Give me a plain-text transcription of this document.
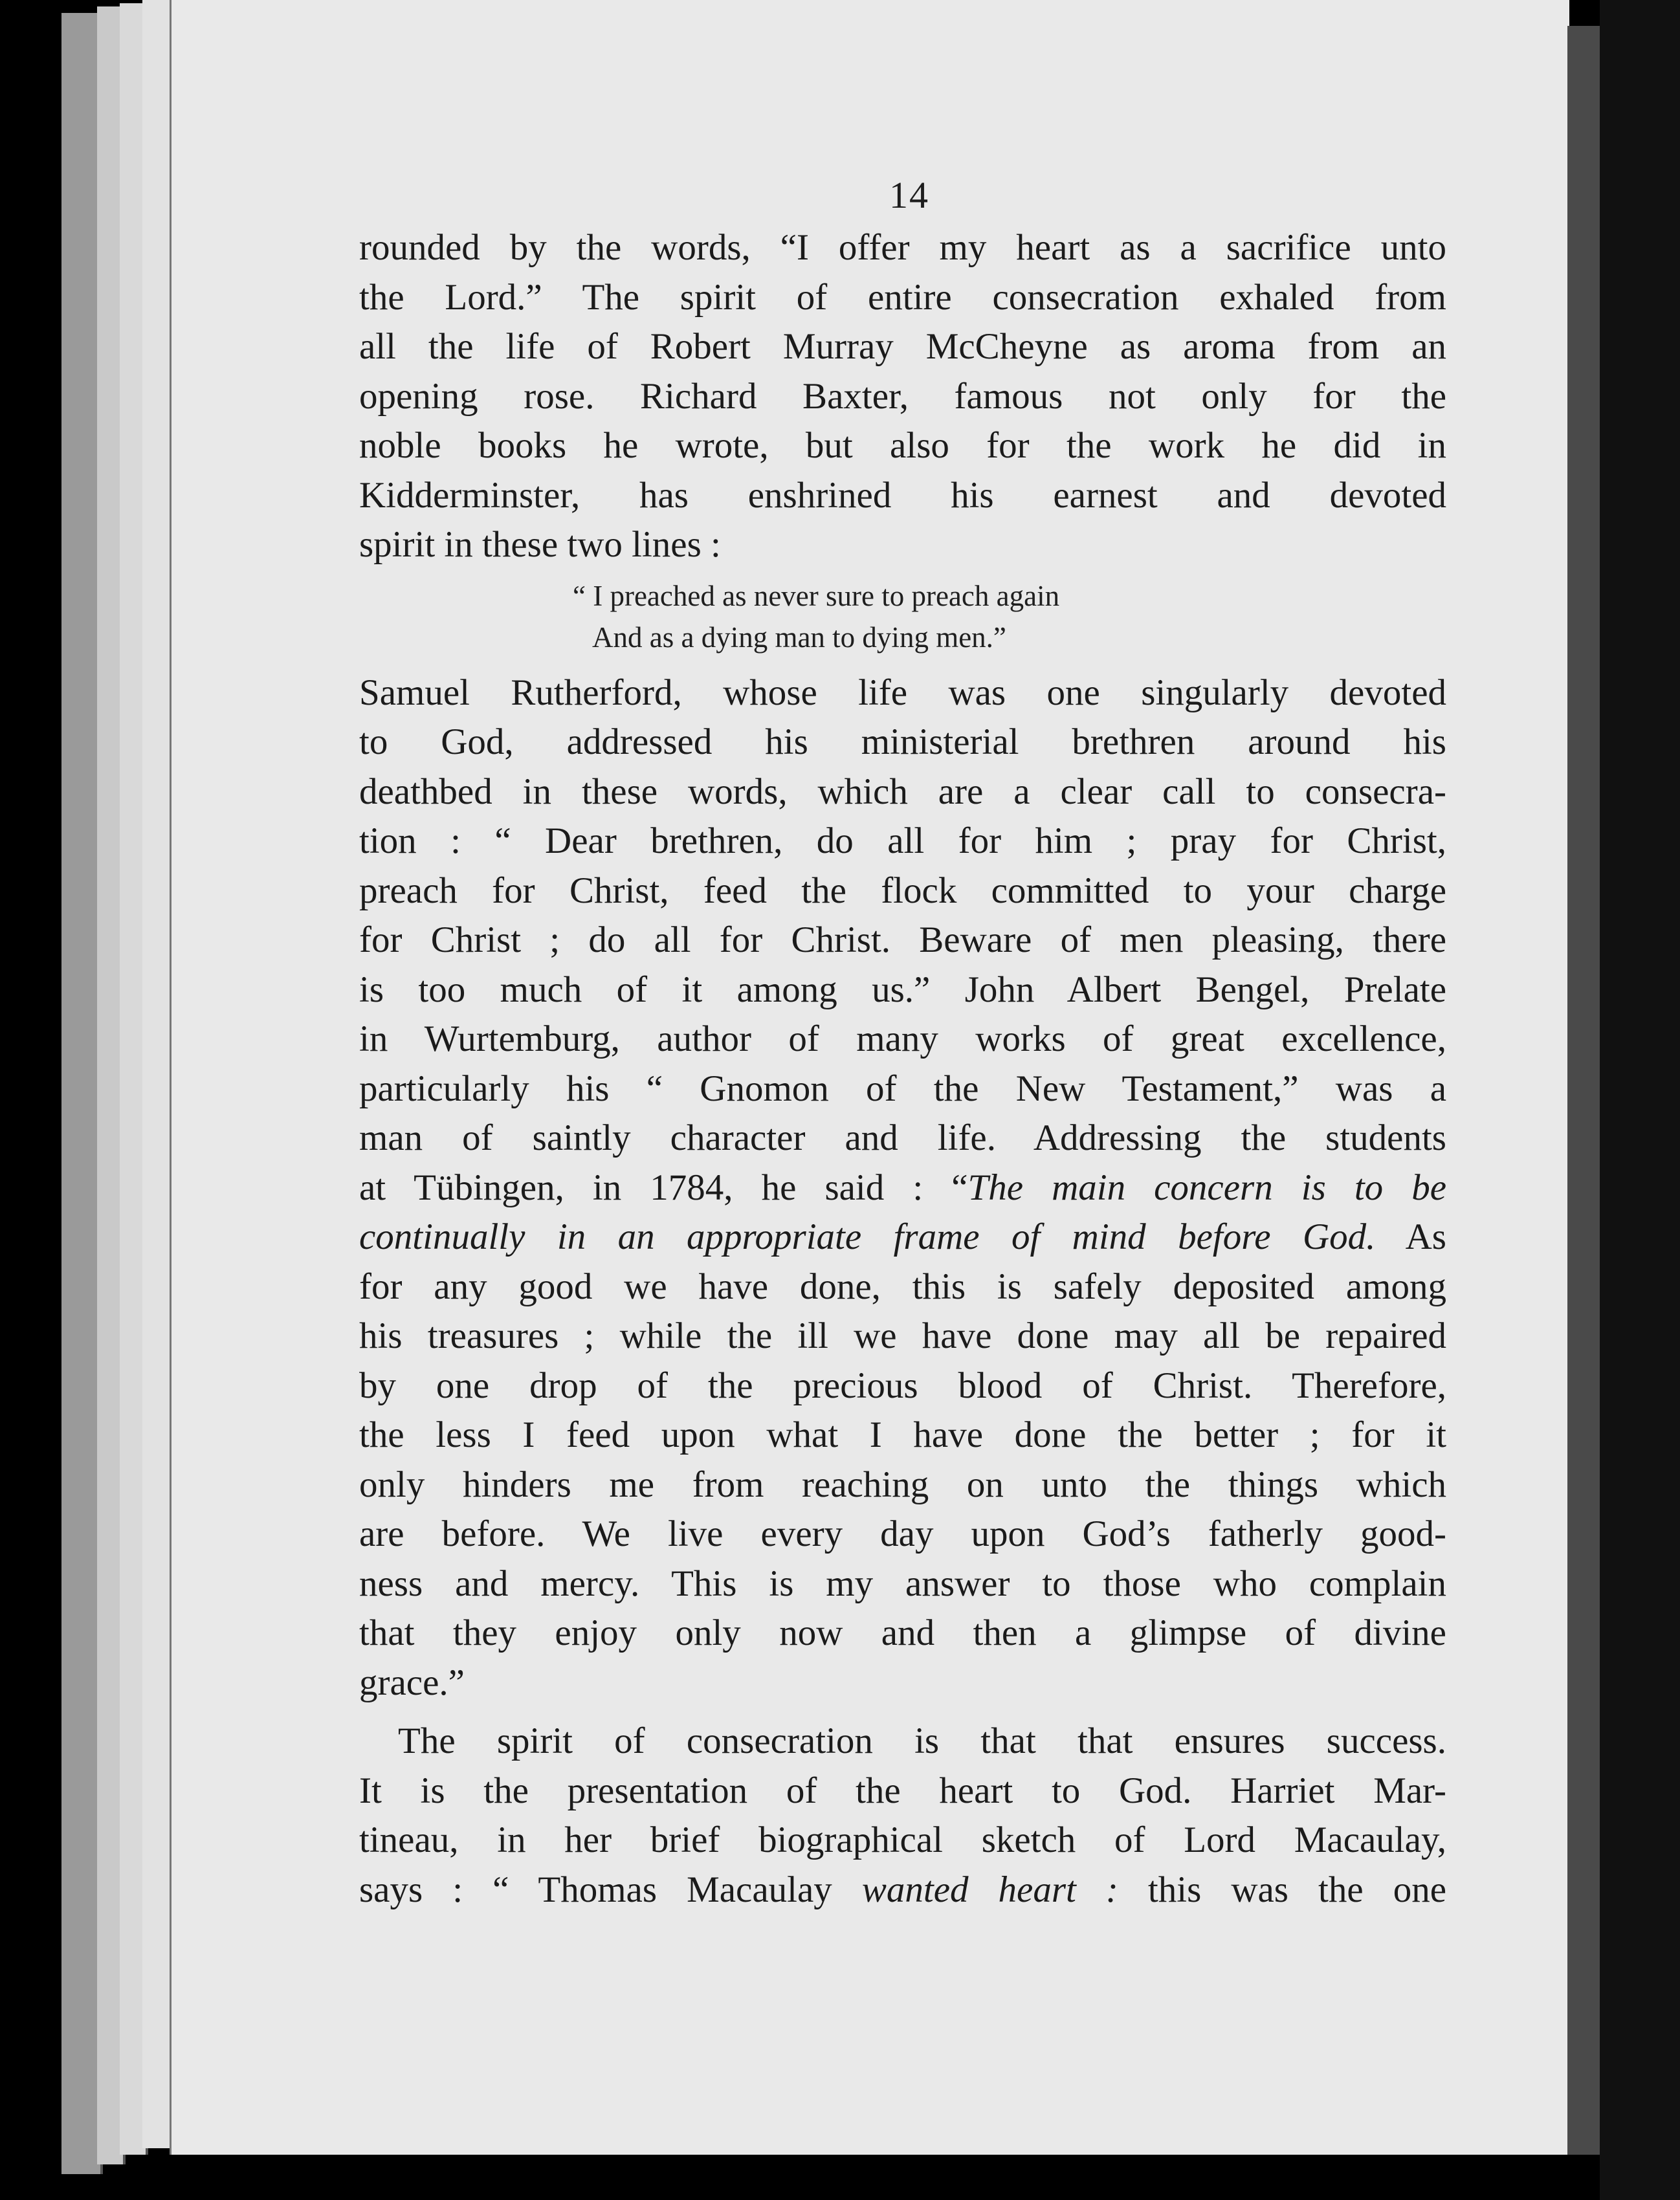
14

rounded by the words, “I offer my heart as a sacrifice unto
the Lord.” The spirit of entire consecration exhaled from
all the life of Robert Murray McCheyne as aroma from an
opening rose. Richard Baxter, famous not only for the
noble books he wrote, but also for the work he did in
Kidderminster, has enshrined his earnest and devoted
spirit in these two lines :

“ I preached as never sure to preach again
And as a dying man to dying men.”

Samuel Rutherford, whose life was one singularly devoted
to God, addressed his ministerial brethren around his
deathbed in these words, which are a clear call to consecra-
tion : “ Dear brethren, do all for him ; pray for Christ,
preach for Christ, feed the flock committed to your charge
for Christ ; do all for Christ. Beware of men pleasing, there
is too much of it among us.” John Albert Bengel, Prelate
in Wurtemburg, author of many works of great excellence,
particularly his “ Gnomon of the New Testament,” was a
man of saintly character and life. Addressing the students
at Tübingen, in 1784, he said : “The main concern is to be
continually in an appropriate frame of mind before God. As
for any good we have done, this is safely deposited among
his treasures ; while the ill we have done may all be repaired
by one drop of the precious blood of Christ. Therefore,
the less I feed upon what I have done the better ; for it
only hinders me from reaching on unto the things which
are before. We live every day upon God’s fatherly good-
ness and mercy. This is my answer to those who complain
that they enjoy only now and then a glimpse of divine
grace.”

The spirit of consecration is that that ensures success.
It is the presentation of the heart to God. Harriet Mar-
tineau, in her brief biographical sketch of Lord Macaulay,
says : “ Thomas Macaulay wanted heart : this was the one
